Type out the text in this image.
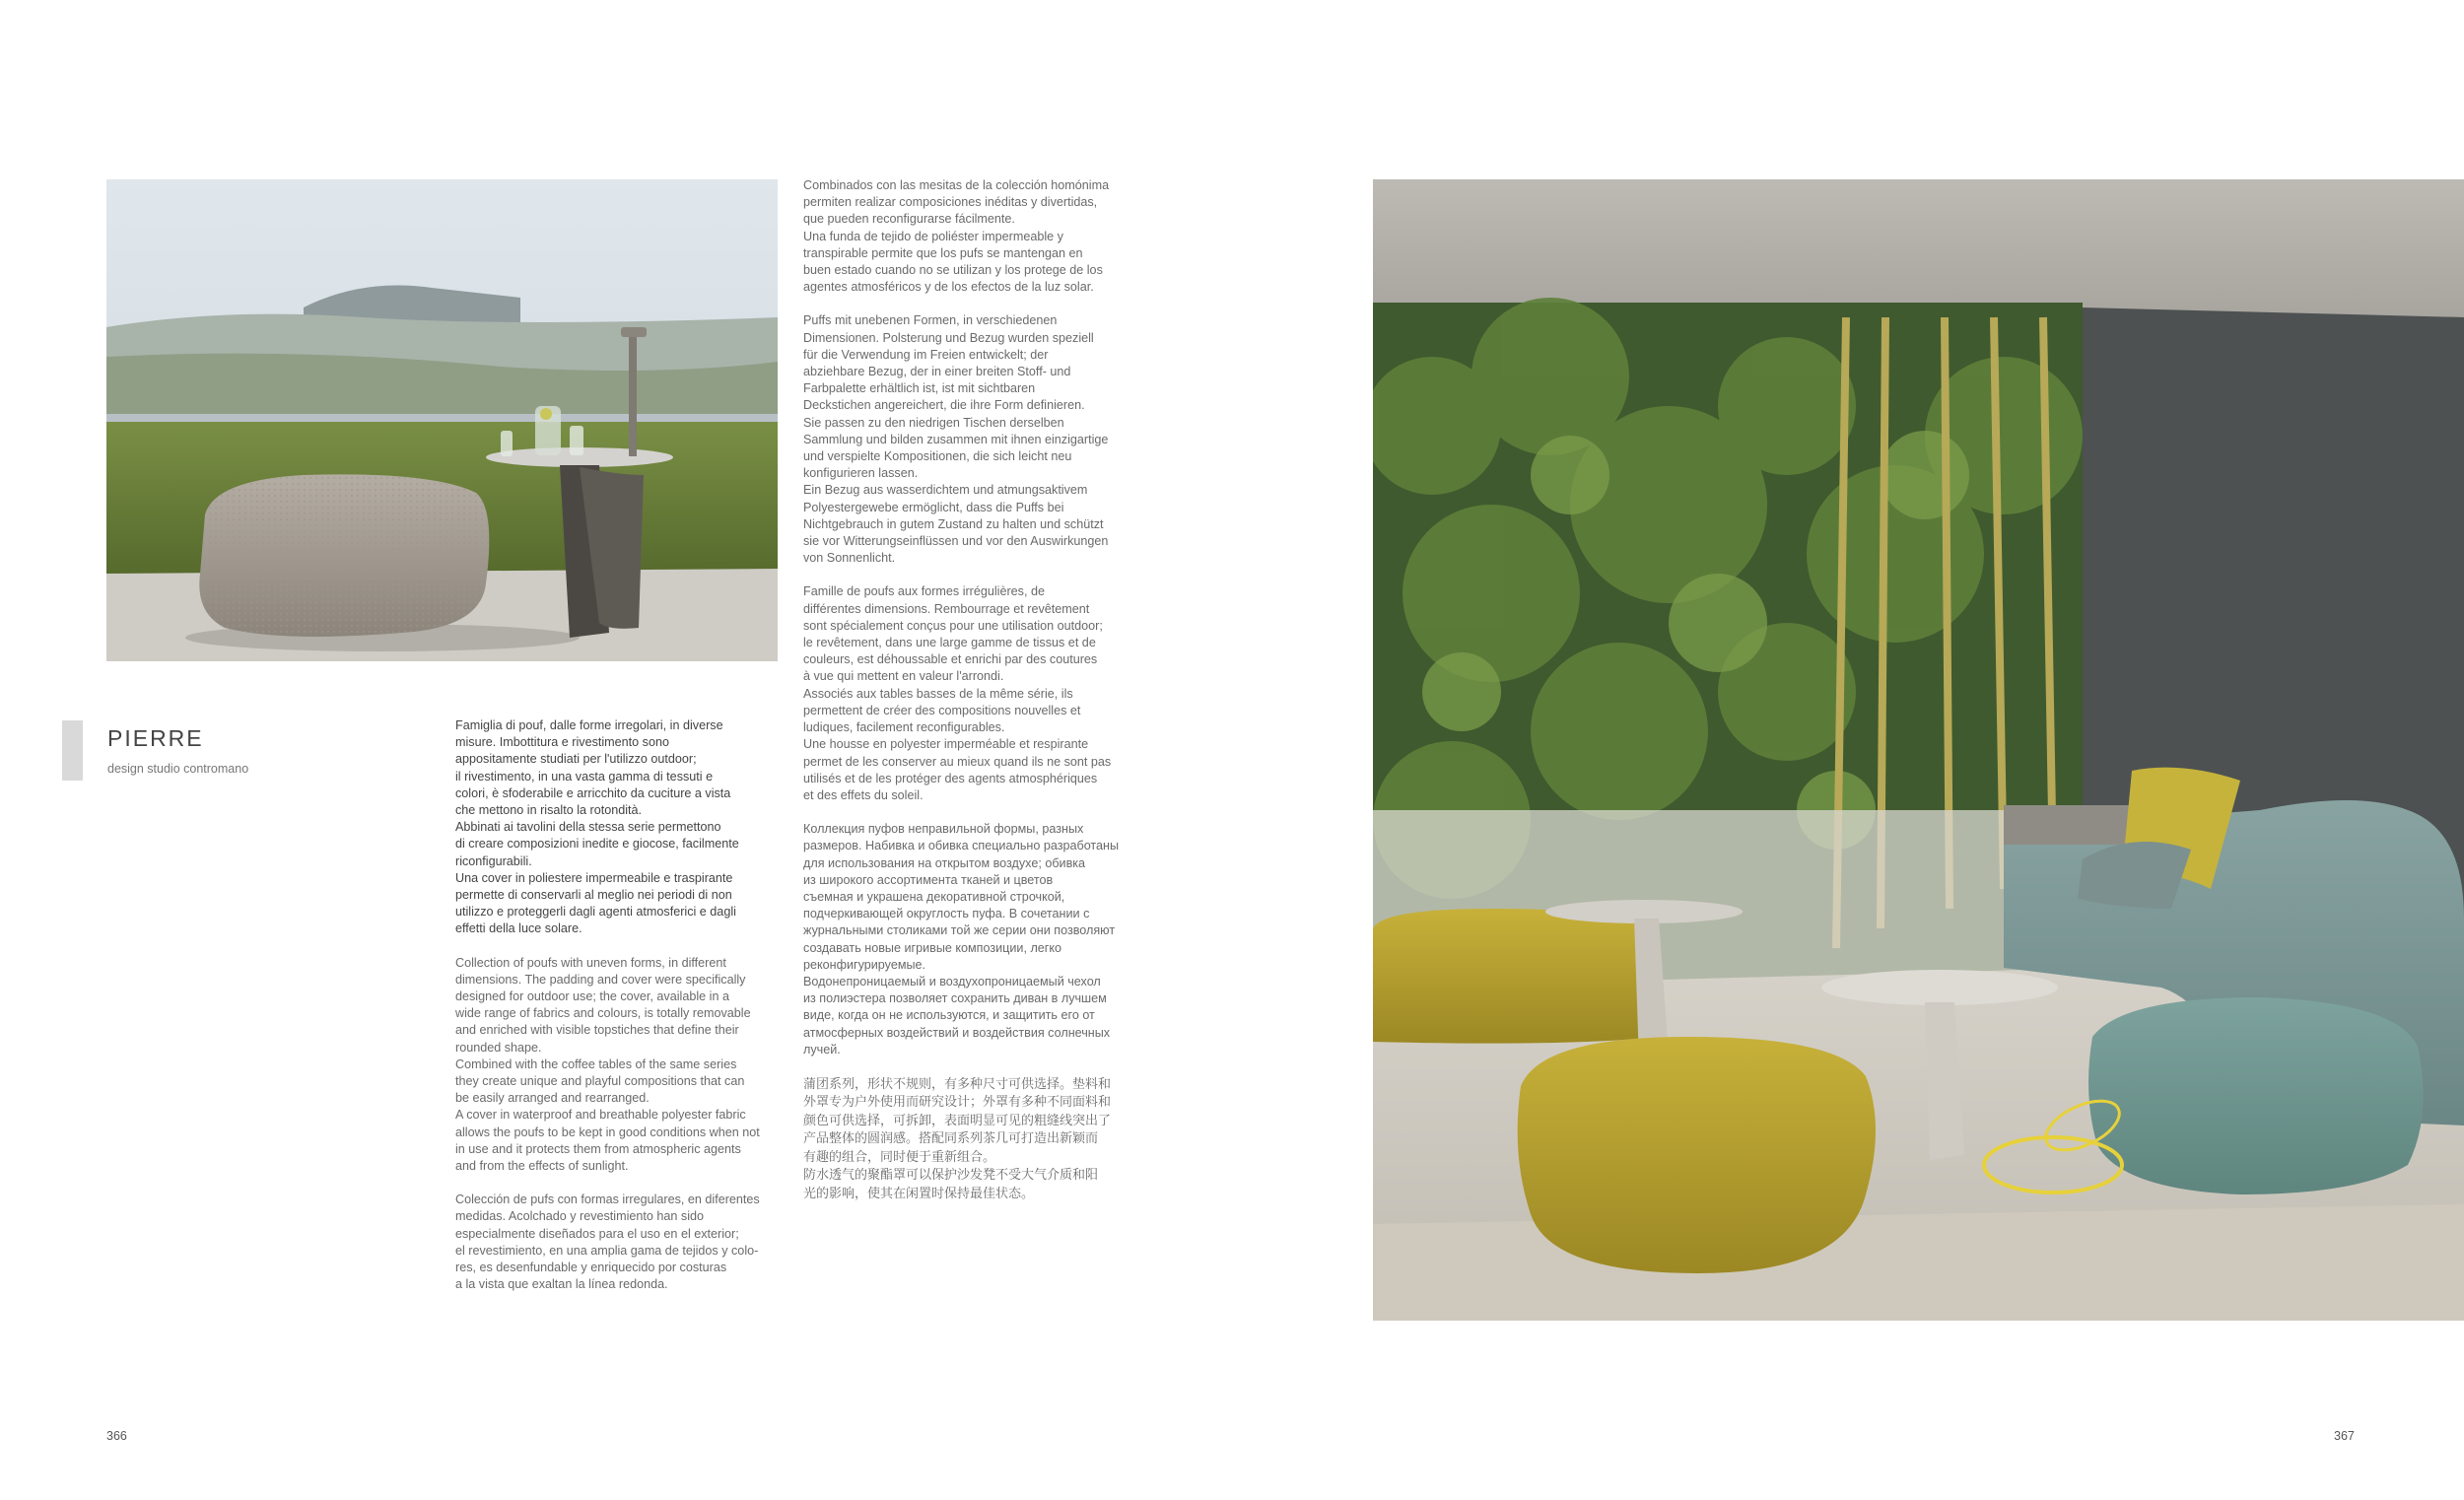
PIERRE
design studio contromano

Famiglia di pouf, dalle forme irregolari, in diverse
misure. Imbottitura e rivestimento sono
appositamente studiati per l'utilizzo outdoor;
il rivestimento, in una vasta gamma di tessuti e
colori, è sfoderabile e arricchito da cuciture a vista
che mettono in risalto la rotondità.
Abbinati ai tavolini della stessa serie permettono
di creare composizioni inedite e giocose, facilmente
riconfigurabili.
Una cover in poliestere impermeabile e traspirante
permette di conservarli al meglio nei periodi di non
utilizzo e proteggerli dagli agenti atmosferici e dagli
effetti della luce solare.

Collection of poufs with uneven forms, in different
dimensions. The padding and cover were specifically
designed for outdoor use; the cover, available in a
wide range of fabrics and colours, is totally removable
and enriched with visible topstiches that define their
rounded shape.
Combined with the coffee tables of the same series
they create unique and playful compositions that can
be easily arranged and rearranged.
A cover in waterproof and breathable polyester fabric
allows the poufs to be kept in good conditions when not
in use and it protects them from atmospheric agents
and from the effects of sunlight.

Colección de pufs con formas irregulares, en diferentes
medidas. Acolchado y revestimiento han sido
especialmente diseñados para el uso en el exterior;
el revestimiento, en una amplia gama de tejidos y colo-
res, es desenfundable y enriquecido por costuras
a la vista que exaltan la línea redonda.

Combinados con las mesitas de la colección homónima
permiten realizar composiciones inéditas y divertidas,
que pueden reconfigurarse fácilmente.
Una funda de tejido de poliéster impermeable y
transpirable permite que los pufs se mantengan en
buen estado cuando no se utilizan y los protege de los
agentes atmosféricos y de los efectos de la luz solar.

Puffs mit unebenen Formen, in verschiedenen
Dimensionen. Polsterung und Bezug wurden speziell
für die Verwendung im Freien entwickelt; der
abziehbare Bezug, der in einer breiten Stoff- und
Farbpalette erhältlich ist, ist mit sichtbaren
Deckstichen angereichert, die ihre Form definieren.
Sie passen zu den niedrigen Tischen derselben
Sammlung und bilden zusammen mit ihnen einzigartige
und verspielte Kompositionen, die sich leicht neu
konfigurieren lassen.
Ein Bezug aus wasserdichtem und atmungsaktivem
Polyestergewebe ermöglicht, dass die Puffs bei
Nichtgebrauch in gutem Zustand zu halten und schützt
sie vor Witterungseinflüssen und vor den Auswirkungen
von Sonnenlicht.

Famille de poufs aux formes irrégulières, de
différentes dimensions. Rembourrage et revêtement
sont spécialement conçus pour une utilisation outdoor;
le revêtement, dans une large gamme de tissus et de
couleurs, est déhoussable et enrichi par des coutures
à vue qui mettent en valeur l'arrondi.
Associés aux tables basses de la même série, ils
permettent de créer des compositions nouvelles et
ludiques, facilement reconfigurables.
Une housse en polyester imperméable et respirante
permet de les conserver au mieux quand ils ne sont pas
utilisés et de les protéger des agents atmosphériques
et des effets du soleil.

Коллекция пуфов неправильной формы, разных
размеров. Набивка и обивка специально разработаны
для использования на открытом воздухе; обивка
из широкого ассортимента тканей и цветов
съемная и украшена декоративной строчкой,
подчеркивающей округлость пуфа. В сочетании с
журнальными столиками той же серии они позволяют
создавать новые игривые композиции, легко
реконфигурируемые.
Водонепроницаемый и воздухопроницаемый чехол
из полиэстера позволяет сохранить диван в лучшем
виде, когда он не используются, и защитить его от
атмосферных воздействий и воздействия солнечных
лучей.

蒲团系列，形状不规则，有多种尺寸可供选择。垫料和
外罩专为户外使用而研究设计；外罩有多种不同面料和
颜色可供选择，可拆卸，表面明显可见的粗缝线突出了
产品整体的圆润感。搭配同系列茶几可打造出新颖而
有趣的组合，同时便于重新组合。
防水透气的聚酯罩可以保护沙发凳不受大气介质和阳
光的影响，使其在闲置时保持最佳状态。

366	367
